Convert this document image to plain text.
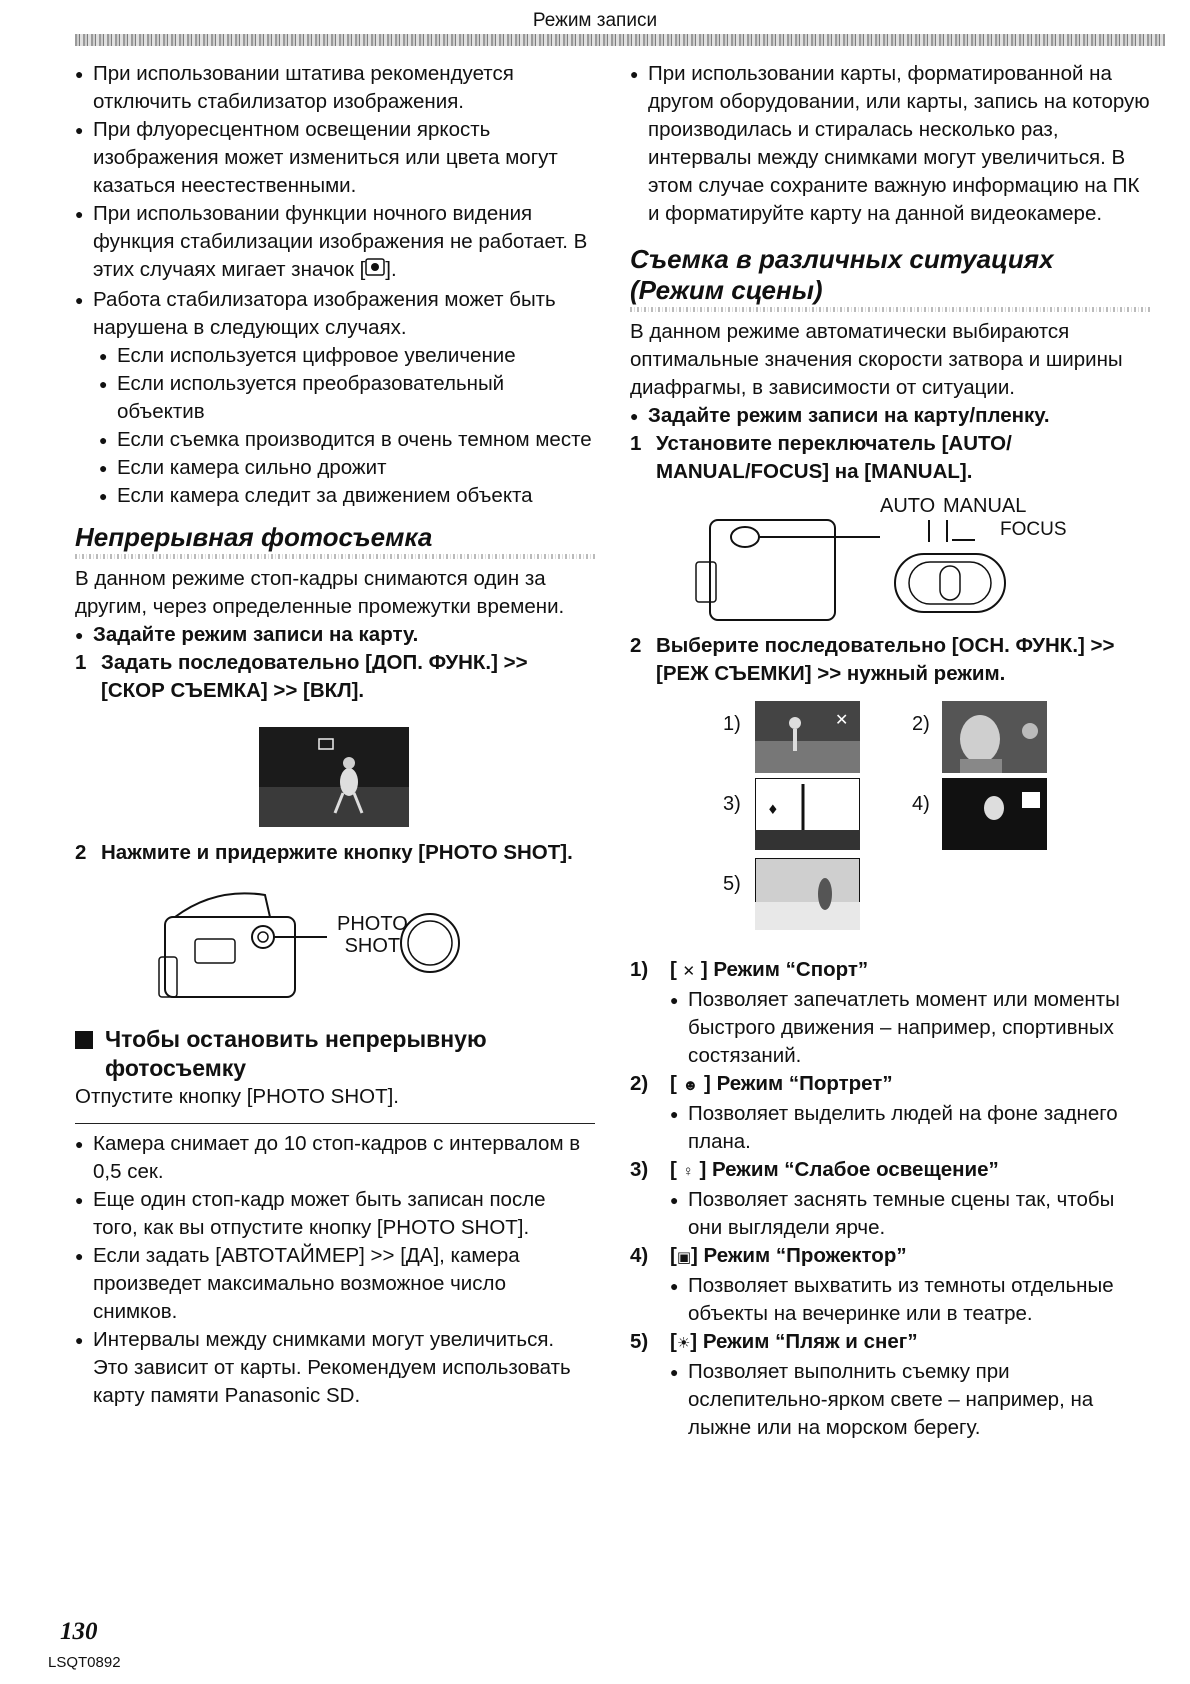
Режим записи
● При использовании штатива рекомендуется отключить стабилизатор изображения.
● При флуоресцентном освещении яркость изображения может измениться или цвета могут казаться неестественными.
● При использовании функции ночного видения функция стабилизации изображения не работает. В этих случаях мигает значок [ ].
● Работа стабилизатора изображения может быть нарушена в следующих случаях.
● Если используется цифровое увеличение
● Если используется преобразовательный объектив
● Если съемка производится в очень темном месте
● Если камера сильно дрожит
● Если камера следит за движением объекта
Непрерывная фотосъемка
В данном режиме стоп-кадры снимаются один за другим, через определенные промежутки времени.
● Задайте режим записи на карту.
1 Задать последовательно [ДОП. ФУНК.] >> [СКОР СЪЕМКА] >> [ВКЛ].
2 Нажмите и придержите кнопку [PHOTO SHOT].
PHOTO
SHOT
Чтобы остановить непрерывную фотосъемку
Отпустите кнопку [PHOTO SHOT].
● Камера снимает до 10 стоп-кадров с интервалом в 0,5 сек.
● Еще один стоп-кадр может быть записан после того, как вы отпустите кнопку [PHOTO SHOT].
● Если задать [АВТОТАЙМЕР] >> [ДА], камера произведет максимально возможное число снимков.
● Интервалы между снимками могут увеличиться. Это зависит от карты. Рекомендуем использовать карту памяти Panasonic SD.
● При использовании карты, форматированной на другом оборудовании, или карты, запись на которую производилась и стиралась несколько раз, интервалы между снимками могут увеличиться. В этом случае сохраните важную информацию на ПК и форматируйте карту на данной видеокамере.
Съемка в различных ситуациях (Режим сцены)
В данном режиме автоматически выбираются оптимальные значения скорости затвора и ширины диафрагмы, в зависимости от ситуации.
● Задайте режим записи на карту/пленку.
1 Установите переключатель [AUTO/ MANUAL/FOCUS] на [MANUAL].
AUTO MANUAL
FOCUS
2 Выберите последовательно [ОСН. ФУНК.] >> [РЕЖ СЪЕМКИ] >> нужный режим.
1)	✕	2)
3) ♦	4)
5)
1) [ ✕ ] Режим “Спорт”
● Позволяет запечатлеть момент или моменты быстрого движения – например, спортивных состязаний.
2) [ ☻ ] Режим “Портрет”
● Позволяет выделить людей на фоне заднего плана.
3) [ ♀ ] Режим “Слабое освещение”
● Позволяет заснять темные сцены так, чтобы они выглядели ярче.
4) [▣] Режим “Прожектор”
● Позволяет выхватить из темноты отдельные объекты на вечеринке или в театре.
5) [☀] Режим “Пляж и снег”
● Позволяет выполнить съемку при ослепительно-ярком свете – например, на лыжне или на морском берегу.
130
LSQT0892
